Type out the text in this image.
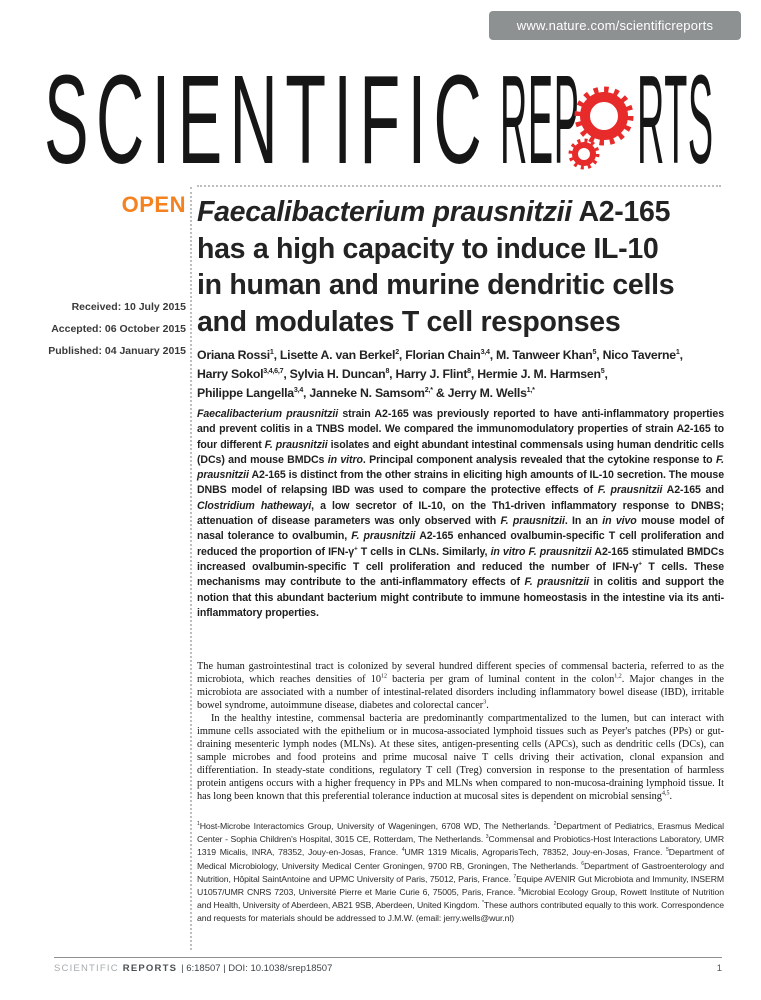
www.nature.com/scientificreports
SCIENTIFIC REP RTS
OPEN
Received: 10 July 2015
Accepted: 06 October 2015
Published: 04 January 2015
Faecalibacterium prausnitzii A2-165
has a high capacity to induce IL-10
in human and murine dendritic cells
and modulates T cell responses
Oriana Rossi$^1$, Lisette A. van Berkel$^2$, Florian Chain$^{3,4}$, M. Tanweer Khan$^5$, Nico Taverne$^1$,
Harry Sokol$^{3,4,6,7}$, Sylvia H. Duncan$^8$, Harry J. Flint$^8$, Hermie J. M. Harmsen$^5$,
Philippe Langella$^{3,4}$, Janneke N. Samsom$^{2,*}$ & Jerry M. Wells$^{1,*}$
Faecalibacterium prausnitzii strain A2-165 was previously reported to have anti-inflammatory properties and prevent colitis in a TNBS model. We compared the immunomodulatory properties of strain A2-165 to four different F. prausnitzii isolates and eight abundant intestinal commensals using human dendritic cells (DCs) and mouse BMDCs in vitro. Principal component analysis revealed that the cytokine response to F. prausnitzii A2-165 is distinct from the other strains in eliciting high amounts of IL-10 secretion. The mouse DNBS model of relapsing IBD was used to compare the protective effects of F. prausnitzii A2-165 and Clostridium hathewayi, a low secretor of IL-10, on the Th1-driven inflammatory response to DNBS; attenuation of disease parameters was only observed with F. prausnitzii. In an in vivo mouse model of nasal tolerance to ovalbumin, F. prausnitzii A2-165 enhanced ovalbumin-specific T cell proliferation and reduced the proportion of IFN-γ+ T cells in CLNs. Similarly, in vitro F. prausnitzii A2-165 stimulated BMDCs increased ovalbumin-specific T cell proliferation and reduced the number of IFN-γ+ T cells. These mechanisms may contribute to the anti-inflammatory effects of F. prausnitzii in colitis and support the notion that this abundant bacterium might contribute to immune homeostasis in the intestine via its anti-inflammatory properties.

The human gastrointestinal tract is colonized by several hundred different species of commensal bacteria, referred to as the microbiota, which reaches densities of $10^{12}$ bacteria per gram of luminal content in the colon$^{1,2}$. Major changes in the microbiota are associated with a number of intestinal-related disorders including inflammatory bowel disease (IBD), irritable bowel syndrome, autoimmune disease, diabetes and colorectal cancer$^3$.

In the healthy intestine, commensal bacteria are predominantly compartmentalized to the lumen, but can interact with immune cells associated with the epithelium or in mucosa-associated lymphoid tissues such as Peyer's patches (PPs) or gut-draining mesenteric lymph nodes (MLNs). At these sites, antigen-presenting cells (APCs), such as dendritic cells (DCs), can sample microbes and food proteins and prime mucosal naive T cells driving their activation, clonal expansion and differentiation. In steady-state conditions, regulatory T cell (Treg) conversion in response to the presentation of harmless protein antigens occurs with a higher frequency in PPs and MLNs when compared to non-mucosa-draining lymphoid tissue. It has long been known that this preferential tolerance induction at mucosal sites is dependent on microbial sensing$^{4,5}$.

$^1$Host-Microbe Interactomics Group, University of Wageningen, 6708 WD, The Netherlands. $^2$Department of Pediatrics, Erasmus Medical Center - Sophia Children's Hospital, 3015 CE, Rotterdam, The Netherlands. $^3$Commensal and Probiotics-Host Interactions Laboratory, UMR 1319 Micalis, INRA, 78352, Jouy-en-Josas, France. $^4$UMR 1319 Micalis, AgroparisTech, 78352, Jouy-en-Josas, France. $^5$Department of Medical Microbiology, University Medical Center Groningen, 9700 RB, Groningen, The Netherlands. $^6$Department of Gastroenterology and Nutrition, Hôpital SaintAntoine and UPMC University of Paris, 75012, Paris, France. $^7$Equipe AVENIR Gut Microbiota and Immunity, INSERM U1057/UMR CNRS 7203, Université Pierre et Marie Curie 6, 75005, Paris, France. $^8$Microbial Ecology Group, Rowett Institute of Nutrition and Health, University of Aberdeen, AB21 9SB, Aberdeen, United Kingdom. *These authors contributed equally to this work. Correspondence and requests for materials should be addressed to J.M.W. (email: jerry.wells@wur.nl)
SCIENTIFIC REPORTS | 6:18507 | DOI: 10.1038/srep18507	1
